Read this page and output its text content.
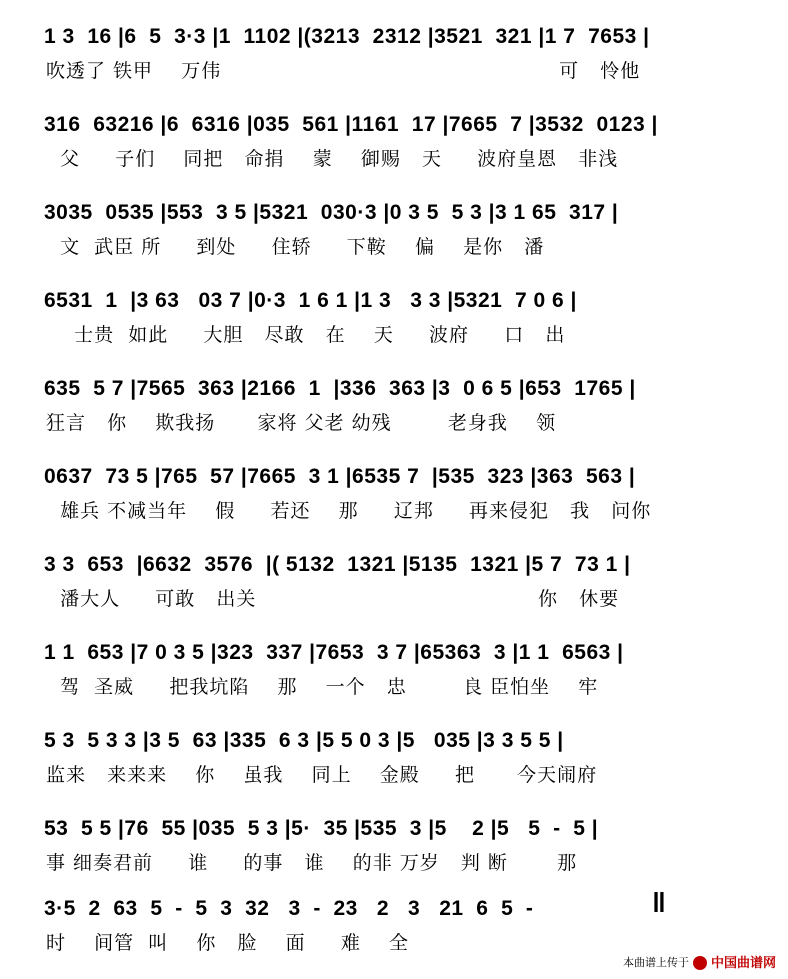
1 3  16 |6  5  3·3 |1  1102 |(3213  2312 |3521  321 |1 7  7653 |
吹透了 铁甲    万伟                                                可   怜他
316  63216 |6  6316 |035  561 |1161  17 |7665  7 |3532  0123 |
父     子们    同把   命捐    蒙    御赐   天     波府皇恩   非浅
3035  0535 |553  3 5 |5321  030·3 |0 3 5  5 3 |3 1 65  317 |
文  武臣 所     到处     住轿     下鞍    偏    是你   潘
6531  1  |3 63   03 7 |0·3  1 6 1 |1 3   3 3 |5321  7 0 6 |
士贵  如此     大胆   尽敢   在    天     波府     口   出
635  5 7 |7565  363 |2166  1  |336  363 |3  0 6 5 |653  1765 |
狂言   你    欺我扬      家将 父老 幼残        老身我    领
0637  73 5 |765  57 |7665  3 1 |6535 7  |535  323 |363  563 |
雄兵 不减当年    假     若还    那     辽邦     再来侵犯   我   问你
3 3  653  |6632  3576  |( 5132  1321 |5135  1321 |5 7  73 1 |
潘大人     可敢   出关                                        你   休要
1 1  653 |7 0 3 5 |323  337 |7653  3 7 |65363  3 |1 1  6563 |
驾  圣威     把我坑陷    那    一个   忠        良 臣怕坐    牢
5 3  5 3 3 |3 5  63 |335  6 3 |5 5 0 3 |5   035 |3 3 5 5 |
监来   来来来    你    虽我    同上    金殿     把      今天闹府
53  5 5 |76  55 |035  5 3 |5·  35 |535  3 |5    2 |5   5  -  5 |
事 细奏君前     谁     的事   谁    的非 万岁   判 断       那
3·5  2  63  5  -  5  3  32   3  -  23   2   3   21  6  5  -
时    间管  叫    你   脸    面     难    全
‖
本曲谱上传于 中国曲谱网
